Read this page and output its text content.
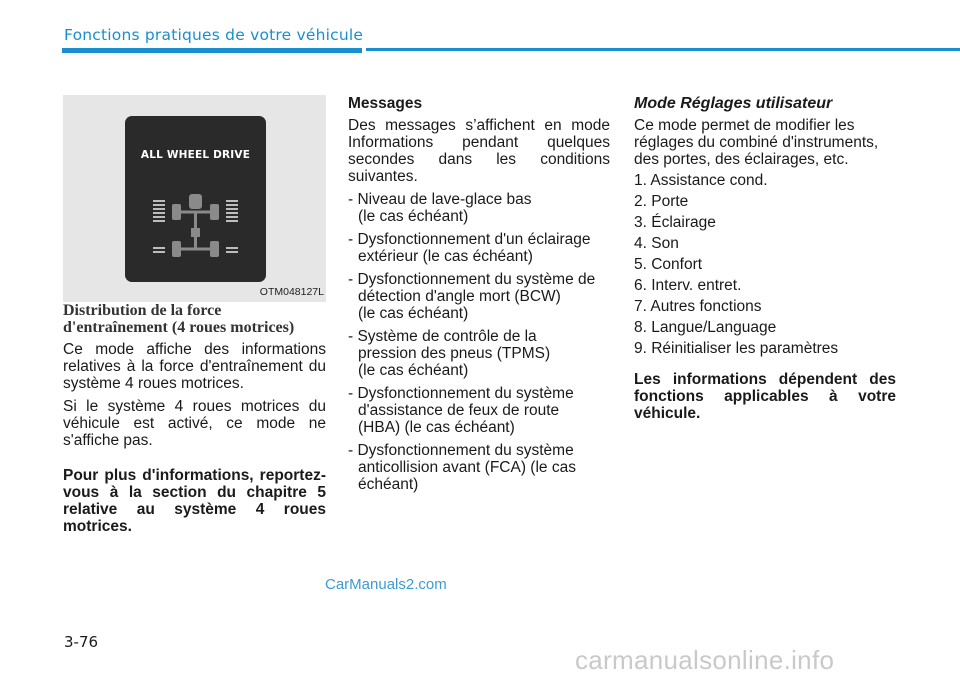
Fonctions pratiques de votre véhicule
ALL WHEEL DRIVE
OTM048127L

Distribution de la force
d'entraînement (4 roues motrices)

Ce mode affiche des informations relatives à la force d'entraînement du système 4 roues motrices.

Si le système 4 roues motrices du véhicule est activé, ce mode ne s'affiche pas.

Pour plus d'informations, reportez-vous à la section du chapitre 5 relative au système 4 roues motrices.

Messages

Des messages s’affichent en mode Informations pendant quelques secondes dans les conditions suivantes.

- Niveau de lave-glace bas

(le cas échéant)

- Dysfonctionnement d'un éclairage

extérieur (le cas échéant)

- Dysfonctionnement du système de

détection d'angle mort (BCW)

(le cas échéant)

- Système de contrôle de la

pression des pneus (TPMS)

(le cas échéant)

- Dysfonctionnement du système

d'assistance de feux de route

(HBA) (le cas échéant)

- Dysfonctionnement du système

anticollision avant (FCA) (le cas

échéant)

Mode Réglages utilisateur

Ce mode permet de modifier les réglages du combiné d'instruments, des portes, des éclairages, etc.

1. Assistance cond.

2. Porte

3. Éclairage

4. Son

5. Confort

6. Interv. entret.

7. Autres fonctions

8. Langue/Language

9. Réinitialiser les paramètres

Les informations dépendent des fonctions applicables à votre véhicule.

CarManuals2.com
3-76
carmanualsonline.info
